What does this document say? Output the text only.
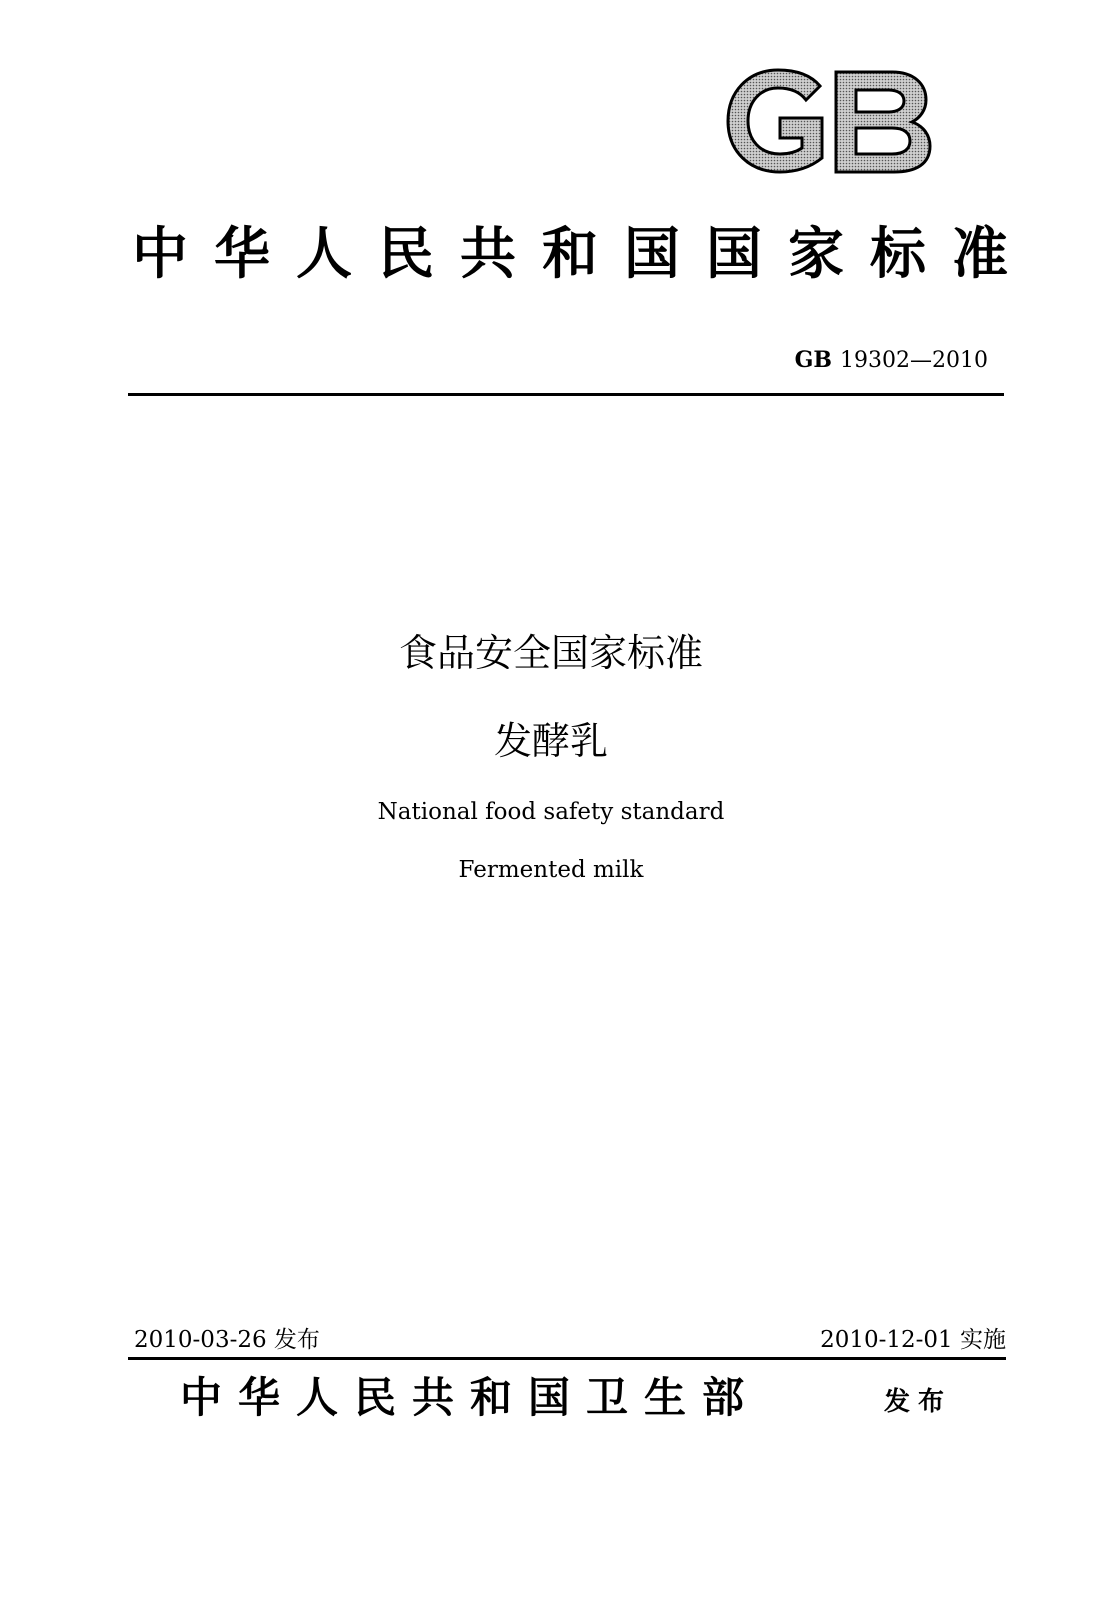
中华人民共和国国家标准
GB 19302—2010
食品安全国家标准
发酵乳
National food safety standard
Fermented milk
2010-03-26 发布	2010-12-01 实施
中华人民共和国卫生部	发布
